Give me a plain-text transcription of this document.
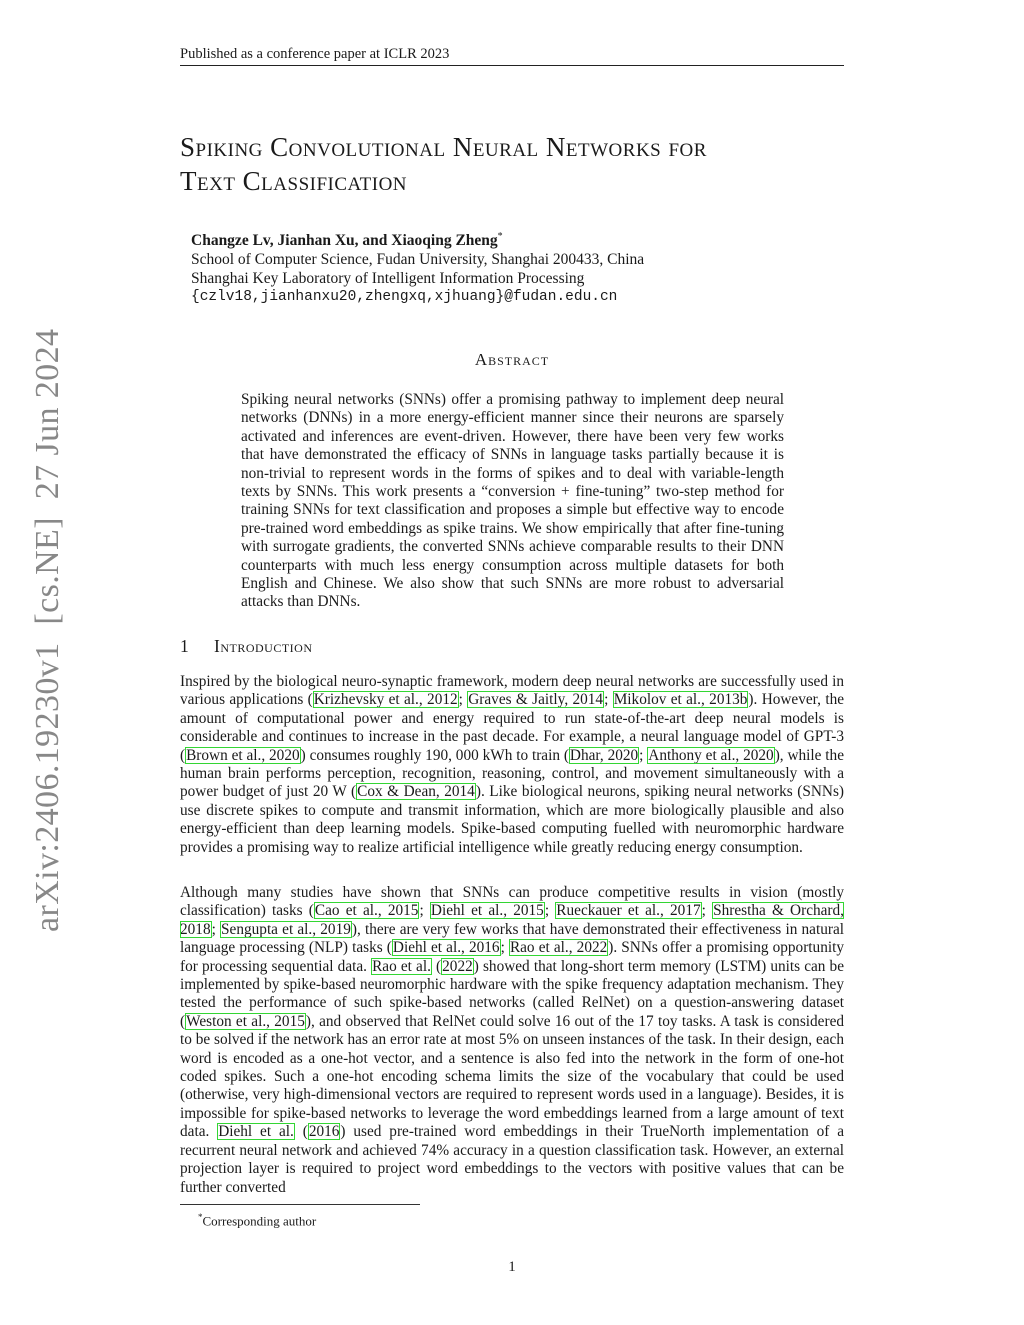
Published as a conference paper at ICLR 2023
arXiv:2406.19230v1  [cs.NE]  27 Jun 2024
Spiking Convolutional Neural Networks for
Text Classification
Changze Lv, Jianhan Xu, and Xiaoqing Zheng*
School of Computer Science, Fudan University, Shanghai 200433, China
Shanghai Key Laboratory of Intelligent Information Processing
{czlv18,jianhanxu20,zhengxq,xjhuang}@fudan.edu.cn
Abstract
Spiking neural networks (SNNs) offer a promising pathway to implement deep neural networks (DNNs) in a more energy-efficient manner since their neurons are sparsely activated and inferences are event-driven. However, there have been very few works that have demonstrated the efficacy of SNNs in language tasks partially because it is non-trivial to represent words in the forms of spikes and to deal with variable-length texts by SNNs. This work presents a “conversion + fine-tuning” two-step method for training SNNs for text classification and proposes a simple but effective way to encode pre-trained word embeddings as spike trains. We show empirically that after fine-tuning with surrogate gradients, the converted SNNs achieve comparable results to their DNN counterparts with much less energy consumption across multiple datasets for both English and Chinese. We also show that such SNNs are more robust to adversarial attacks than DNNs.
1 Introduction

Inspired by the biological neuro-synaptic framework, modern deep neural networks are successfully used in various applications (Krizhevsky et al., 2012; Graves & Jaitly, 2014; Mikolov et al., 2013b). However, the amount of computational power and energy required to run state-of-the-art deep neural models is considerable and continues to increase in the past decade. For example, a neural language model of GPT-3 (Brown et al., 2020) consumes roughly 190, 000 kWh to train (Dhar, 2020; Anthony et al., 2020), while the human brain performs perception, recognition, reasoning, control, and movement simultaneously with a power budget of just 20 W (Cox & Dean, 2014). Like biological neurons, spiking neural networks (SNNs) use discrete spikes to compute and transmit information, which are more biologically plausible and also energy-efficient than deep learning models. Spike-based computing fuelled with neuromorphic hardware provides a promising way to realize artificial intelligence while greatly reducing energy consumption.

Although many studies have shown that SNNs can produce competitive results in vision (mostly classification) tasks (Cao et al., 2015; Diehl et al., 2015; Rueckauer et al., 2017; Shrestha & Orchard, 2018; Sengupta et al., 2019), there are very few works that have demonstrated their effectiveness in natural language processing (NLP) tasks (Diehl et al., 2016; Rao et al., 2022). SNNs offer a promising opportunity for processing sequential data. Rao et al. (2022) showed that long-short term memory (LSTM) units can be implemented by spike-based neuromorphic hardware with the spike frequency adaptation mechanism. They tested the performance of such spike-based networks (called RelNet) on a question-answering dataset (Weston et al., 2015), and observed that RelNet could solve 16 out of the 17 toy tasks. A task is considered to be solved if the network has an error rate at most 5% on unseen instances of the task. In their design, each word is encoded as a one-hot vector, and a sentence is also fed into the network in the form of one-hot coded spikes. Such a one-hot encoding schema limits the size of the vocabulary that could be used (otherwise, very high-dimensional vectors are required to represent words used in a language). Besides, it is impossible for spike-based networks to leverage the word embeddings learned from a large amount of text data. Diehl et al. (2016) used pre-trained word embeddings in their TrueNorth implementation of a recurrent neural network and achieved 74% accuracy in a question classification task. However, an external projection layer is required to project word embeddings to the vectors with positive values that can be further converted

*Corresponding author
1
